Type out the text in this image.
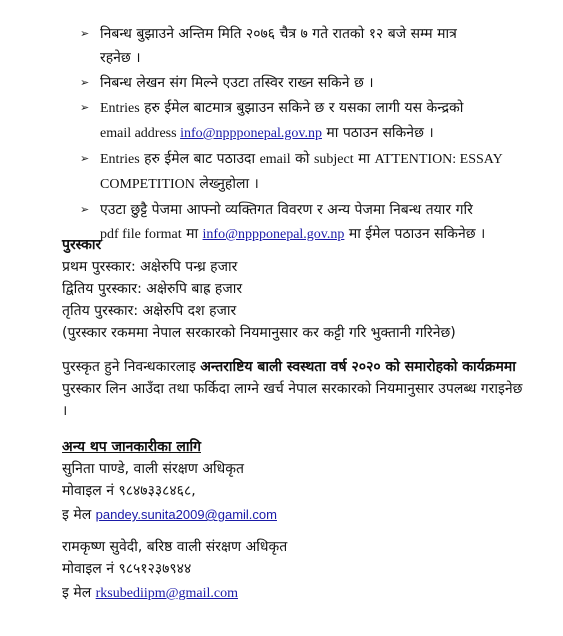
➢ निबन्ध बुझाउने अन्तिम मिति २०७६ चैत्र ७ गते रातको १२ बजे सम्म मात्र
रहनेछ ।
➢ निबन्ध लेखन संग मिल्ने एउटा तस्विर राख्न सकिने छ ।
➢ Entries हरु ईमेल बाटमात्र बुझाउन सकिने छ र यसका लागी यस केन्द्रको
email address info@nppponepal.gov.np मा पठाउन सकिनेछ ।
➢ Entries हरु ईमेल बाट पठाउदा email को subject मा ATTENTION: ESSAY
COMPETITION लेख्नुहोला ।
➢ एउटा छुट्टै पेजमा आफ्नो व्यक्तिगत विवरण र अन्य पेजमा निबन्ध तयार गरि
pdf file format मा info@nppponepal.gov.np मा ईमेल पठाउन सकिनेछ ।
पुरस्कार
प्रथम पुरस्कार: अक्षेरुपि पन्ध्र हजार
द्वितिय पुरस्कार: अक्षेरुपि बाह्र हजार
तृतिय पुरस्कार: अक्षेरुपि दश हजार
(पुरस्कार रकममा नेपाल सरकारको नियमानुसार कर कट्टी गरि भुक्तानी गरिनेछ)
पुरस्कृत हुने निवन्धकारलाइ अन्तराष्टिय बाली स्वस्थता वर्ष २०२० को समारोहको कार्यक्रममा पुरस्कार लिन आउँदा तथा फर्किदा लाग्ने खर्च नेपाल सरकारको नियमानुसार उपलब्ध गराइनेछ ।
अन्य थप जानकारीका लागि
सुनिता पाण्डे, वाली संरक्षण अधिकृत
मोवाइल नं ९८४७३३८४६८,
इ मेल pandey.sunita2009@gamil.com
रामकृष्ण सुवेदी, बरिष्ठ वाली संरक्षण अधिकृत
मोवाइल नं ९८५१२३७९४४
इ मेल rksubediipm@gmail.com
